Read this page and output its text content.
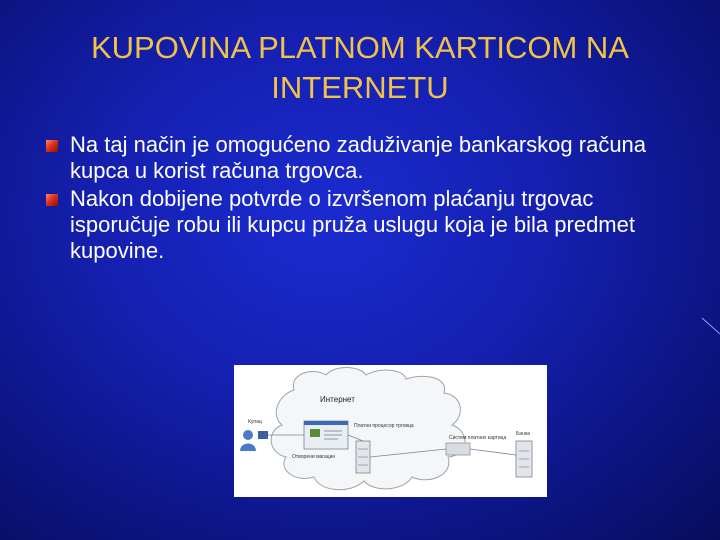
KUPOVINA PLATNOM KARTICOM NA INTERNETU
Na taj način je omogućeno zaduživanje bankarskog računa kupca u korist računa trgovca.
Nakon dobijene potvrde o izvršenom plaćanju trgovac isporučuje robu ili kupcu pruža uslugu koja je bila predmet kupovine.
Интернет
Купац
Отворени магацин
Платни процесор трговца
Систем платних картица
Банка
